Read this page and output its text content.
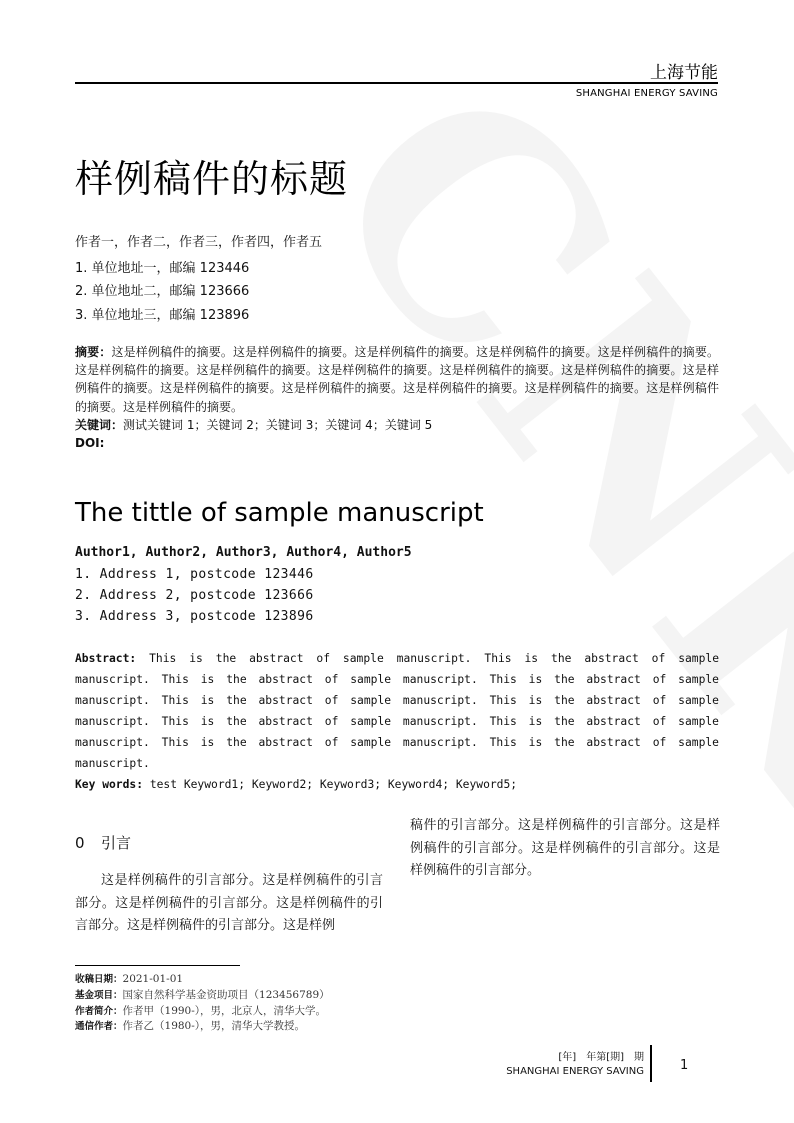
上海节能
SHANGHAI ENERGY SAVING
样例稿件的标题
作者一，作者二，作者三，作者四，作者五
1. 单位地址一，邮编 123446
2. 单位地址二，邮编 123666
3. 单位地址三，邮编 123896
摘要：这是样例稿件的摘要。这是样例稿件的摘要。这是样例稿件的摘要。这是样例稿件的摘要。这是样例稿件的摘要。这是样例稿件的摘要。这是样例稿件的摘要。这是样例稿件的摘要。这是样例稿件的摘要。这是样例稿件的摘要。这是样例稿件的摘要。这是样例稿件的摘要。这是样例稿件的摘要。这是样例稿件的摘要。这是样例稿件的摘要。这是样例稿件的摘要。这是样例稿件的摘要。
关键词：测试关键词 1；关键词 2；关键词 3；关键词 4；关键词 5
DOI:
The tittle of sample manuscript
Author1, Author2, Author3, Author4, Author5
1. Address 1, postcode 123446
2. Address 2, postcode 123666
3. Address 3, postcode 123896
Abstract: This is the abstract of sample manuscript. This is the abstract of sample manuscript. This is the abstract of sample manuscript. This is the abstract of sample manuscript. This is the abstract of sample manuscript. This is the abstract of sample manuscript. This is the abstract of sample manuscript. This is the abstract of sample manuscript. This is the abstract of sample manuscript. This is the abstract of sample manuscript.
Key words: test Keyword1; Keyword2; Keyword3; Keyword4; Keyword5;
0 引言
这是样例稿件的引言部分。这是样例稿件的引言部分。这是样例稿件的引言部分。这是样例稿件的引言部分。这是样例稿件的引言部分。这是样例
稿件的引言部分。这是样例稿件的引言部分。这是样例稿件的引言部分。这是样例稿件的引言部分。这是样例稿件的引言部分。
收稿日期：2021-01-01
基金项目：国家自然科学基金资助项目（123456789）
作者简介：作者甲（1990-），男，北京人，清华大学。
通信作者：作者乙（1980-），男，清华大学教授。
[年]　年第[期]　期
SHANGHAI ENERGY SAVING	1
